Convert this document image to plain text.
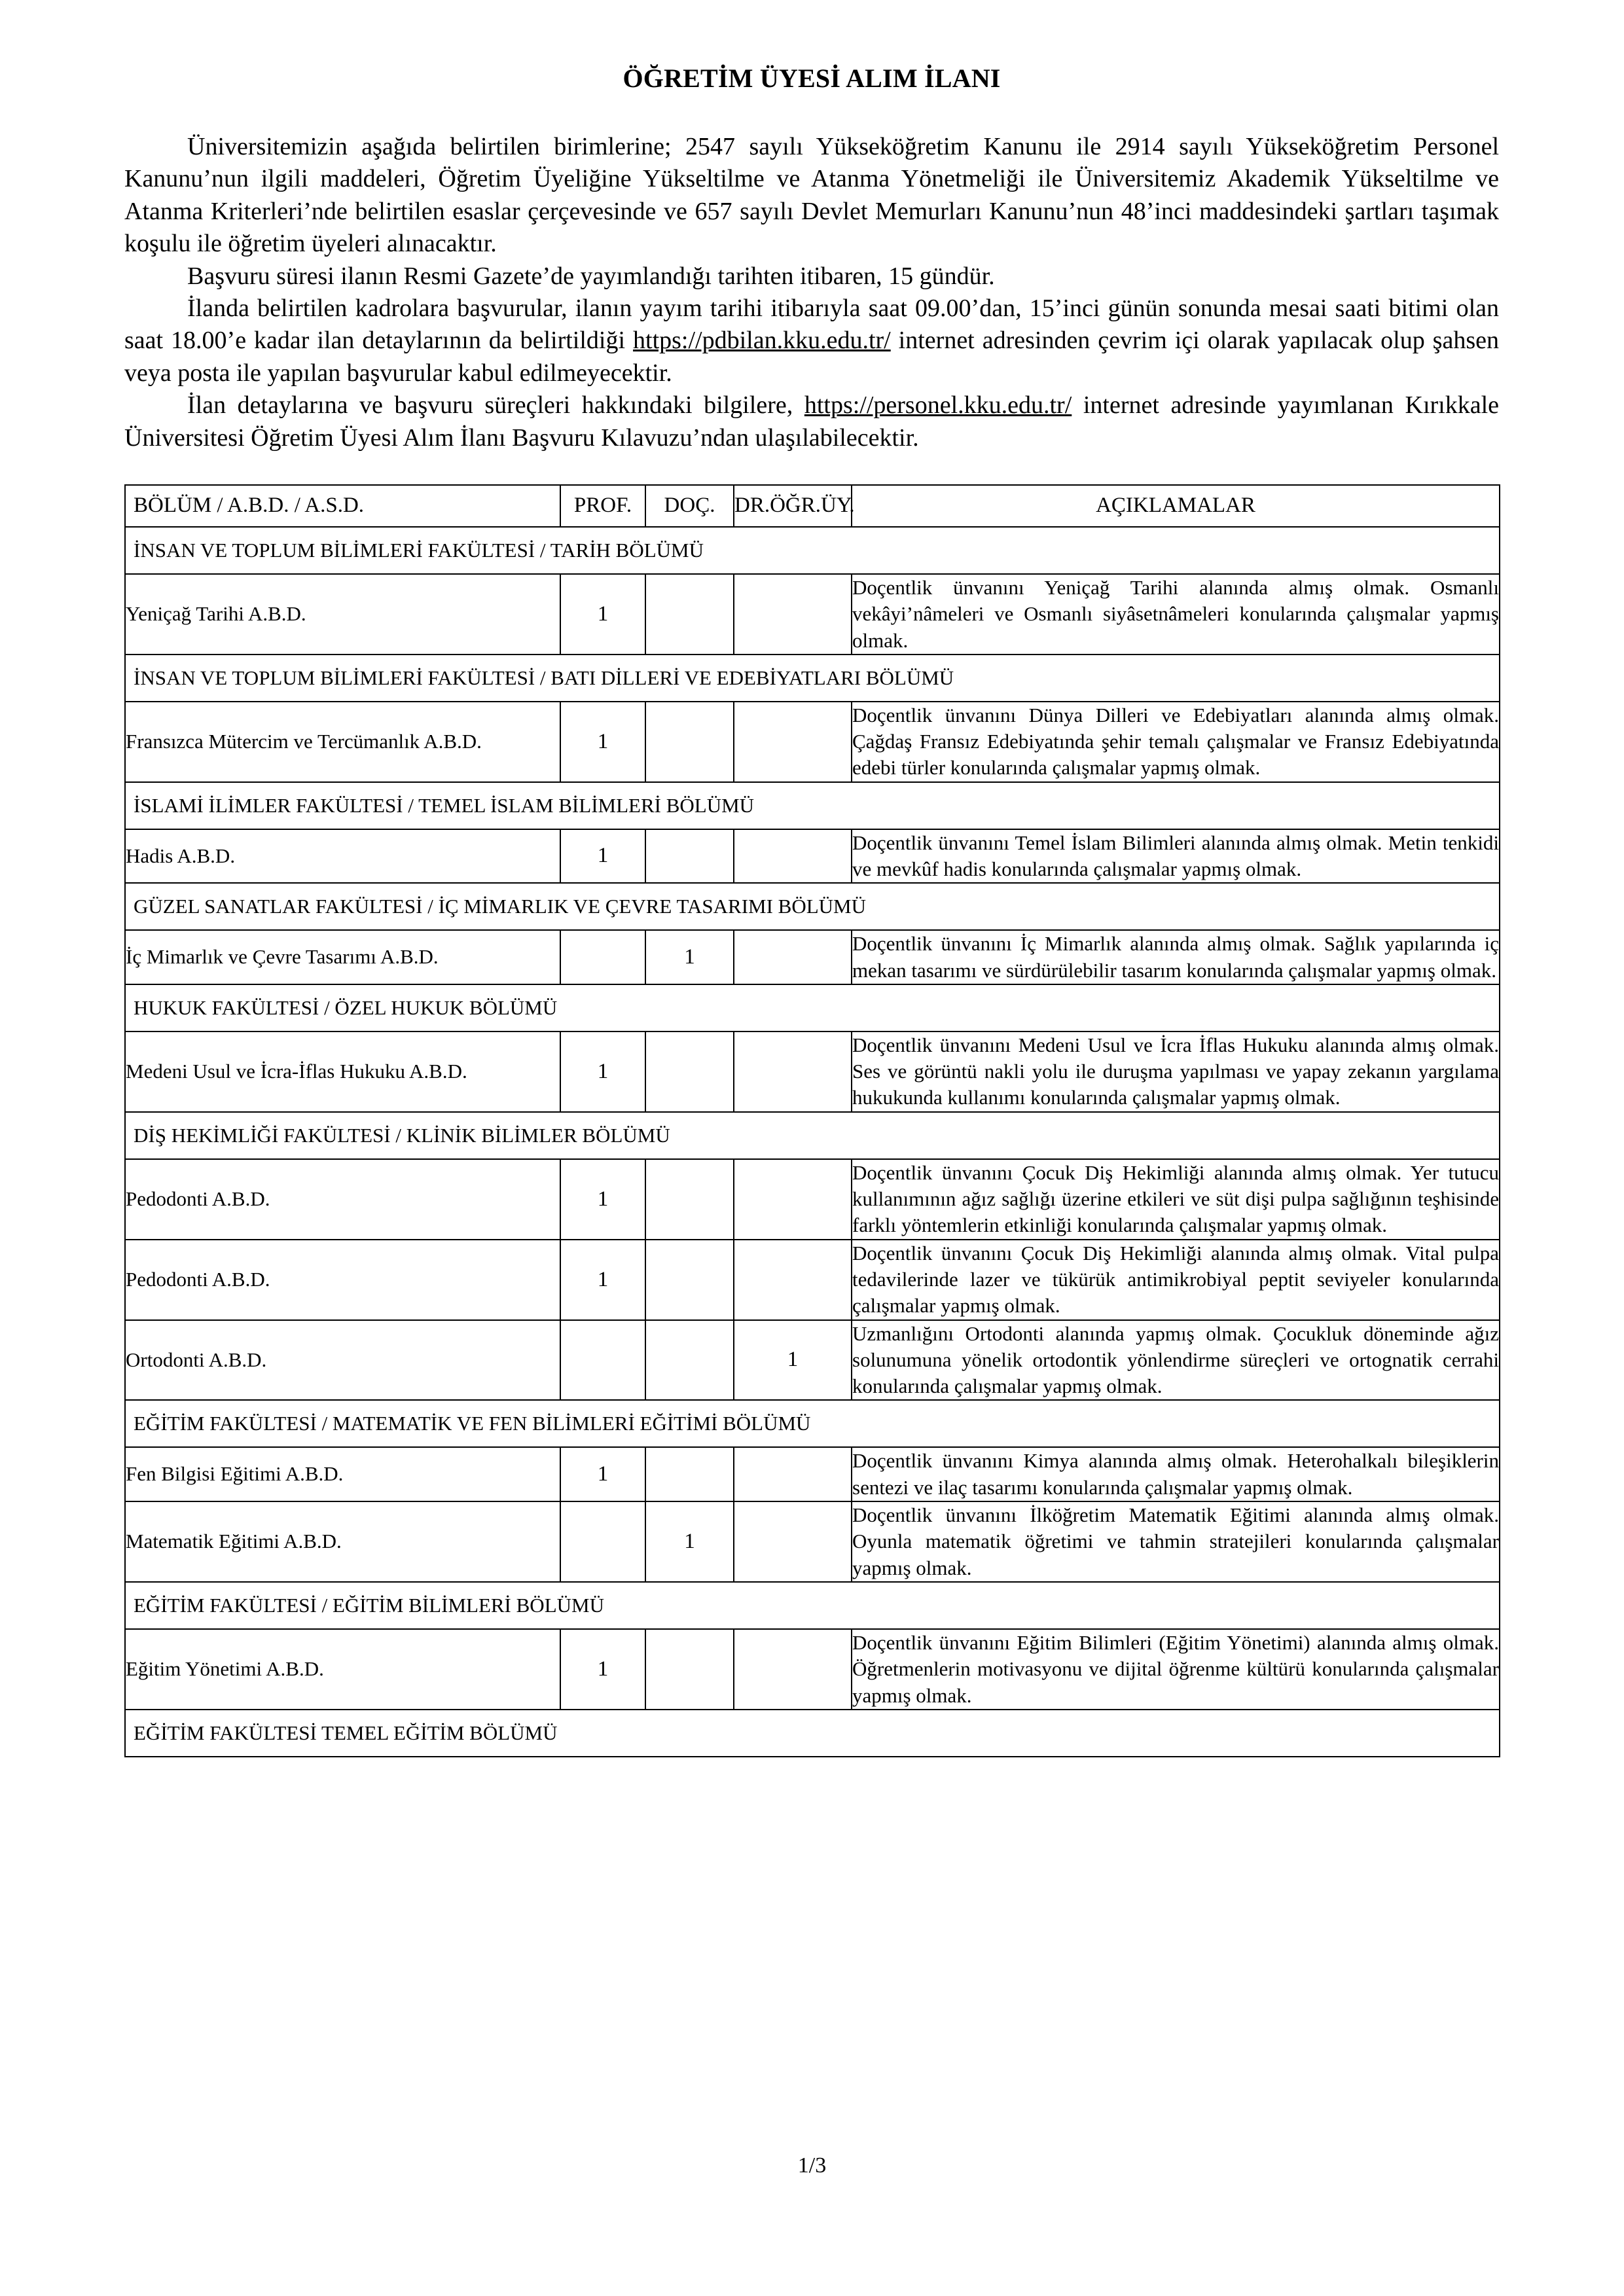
ÖĞRETİM ÜYESİ ALIM İLANI

Üniversitemizin aşağıda belirtilen birimlerine; 2547 sayılı Yükseköğretim Kanunu ile 2914 sayılı Yükseköğretim Personel Kanunu’nun ilgili maddeleri, Öğretim Üyeliğine Yükseltilme ve Atanma Yönetmeliği ile Üniversitemiz Akademik Yükseltilme ve Atanma Kriterleri’nde belirtilen esaslar çerçevesinde ve 657 sayılı Devlet Memurları Kanunu’nun 48’inci maddesindeki şartları taşımak koşulu ile öğretim üyeleri alınacaktır.

Başvuru süresi ilanın Resmi Gazete’de yayımlandığı tarihten itibaren, 15 gündür.

İlanda belirtilen kadrolara başvurular, ilanın yayım tarihi itibarıyla saat 09.00’dan, 15’inci günün sonunda mesai saati bitimi olan saat 18.00’e kadar ilan detaylarının da belirtildiği https://pdbilan.kku.edu.tr/ internet adresinden çevrim içi olarak yapılacak olup şahsen veya posta ile yapılan başvurular kabul edilmeyecektir.

İlan detaylarına ve başvuru süreçleri hakkındaki bilgilere, https://personel.kku.edu.tr/ internet adresinde yayımlanan Kırıkkale Üniversitesi Öğretim Üyesi Alım İlanı Başvuru Kılavuzu’ndan ulaşılabilecektir.

BÖLÜM / A.B.D. / A.S.D.	PROF.	DOÇ.	DR.ÖĞR.ÜY.	AÇIKLAMALAR
İNSAN VE TOPLUM BİLİMLERİ FAKÜLTESİ / TARİH BÖLÜMÜ				
Yeniçağ Tarihi A.B.D.	1			Doçentlik ünvanını Yeniçağ Tarihi alanında almış olmak. Osmanlı vekâyi’nâmeleri ve Osmanlı siyâsetnâmeleri konularında çalışmalar yapmış olmak.
İNSAN VE TOPLUM BİLİMLERİ FAKÜLTESİ / BATI DİLLERİ VE EDEBİYATLARI BÖLÜMÜ				
Fransızca Mütercim ve Tercümanlık A.B.D.	1			Doçentlik ünvanını Dünya Dilleri ve Edebiyatları alanında almış olmak. Çağdaş Fransız Edebiyatında şehir temalı çalışmalar ve Fransız Edebiyatında edebi türler konularında çalışmalar yapmış olmak.
İSLAMİ İLİMLER FAKÜLTESİ / TEMEL İSLAM BİLİMLERİ BÖLÜMÜ				
Hadis A.B.D.	1			Doçentlik ünvanını Temel İslam Bilimleri alanında almış olmak. Metin tenkidi ve mevkûf hadis konularında çalışmalar yapmış olmak.
GÜZEL SANATLAR FAKÜLTESİ / İÇ MİMARLIK VE ÇEVRE TASARIMI BÖLÜMÜ				
İç Mimarlık ve Çevre Tasarımı A.B.D.		1		Doçentlik ünvanını İç Mimarlık alanında almış olmak. Sağlık yapılarında iç mekan tasarımı ve sürdürülebilir tasarım konularında çalışmalar yapmış olmak.
HUKUK FAKÜLTESİ / ÖZEL HUKUK BÖLÜMÜ				
Medeni Usul ve İcra-İflas Hukuku A.B.D.	1			Doçentlik ünvanını Medeni Usul ve İcra İflas Hukuku alanında almış olmak. Ses ve görüntü nakli yolu ile duruşma yapılması ve yapay zekanın yargılama hukukunda kullanımı konularında çalışmalar yapmış olmak.
DİŞ HEKİMLİĞİ FAKÜLTESİ / KLİNİK BİLİMLER BÖLÜMÜ				
Pedodonti A.B.D.	1			Doçentlik ünvanını Çocuk Diş Hekimliği alanında almış olmak. Yer tutucu kullanımının ağız sağlığı üzerine etkileri ve süt dişi pulpa sağlığının teşhisinde farklı yöntemlerin etkinliği konularında çalışmalar yapmış olmak.
Pedodonti A.B.D.	1			Doçentlik ünvanını Çocuk Diş Hekimliği alanında almış olmak. Vital pulpa tedavilerinde lazer ve tükürük antimikrobiyal peptit seviyeler konularında çalışmalar yapmış olmak.
Ortodonti A.B.D.			1	Uzmanlığını Ortodonti alanında yapmış olmak. Çocukluk döneminde ağız solunumuna yönelik ortodontik yönlendirme süreçleri ve ortognatik cerrahi konularında çalışmalar yapmış olmak.
EĞİTİM FAKÜLTESİ / MATEMATİK VE FEN BİLİMLERİ EĞİTİMİ BÖLÜMÜ				
Fen Bilgisi Eğitimi A.B.D.	1			Doçentlik ünvanını Kimya alanında almış olmak. Heterohalkalı bileşiklerin sentezi ve ilaç tasarımı konularında çalışmalar yapmış olmak.
Matematik Eğitimi A.B.D.		1		Doçentlik ünvanını İlköğretim Matematik Eğitimi alanında almış olmak. Oyunla matematik öğretimi ve tahmin stratejileri konularında çalışmalar yapmış olmak.
EĞİTİM FAKÜLTESİ / EĞİTİM BİLİMLERİ BÖLÜMÜ				
Eğitim Yönetimi A.B.D.	1			Doçentlik ünvanını Eğitim Bilimleri (Eğitim Yönetimi) alanında almış olmak. Öğretmenlerin motivasyonu ve dijital öğrenme kültürü konularında çalışmalar yapmış olmak.
EĞİTİM FAKÜLTESİ TEMEL EĞİTİM BÖLÜMÜ				
1/3
